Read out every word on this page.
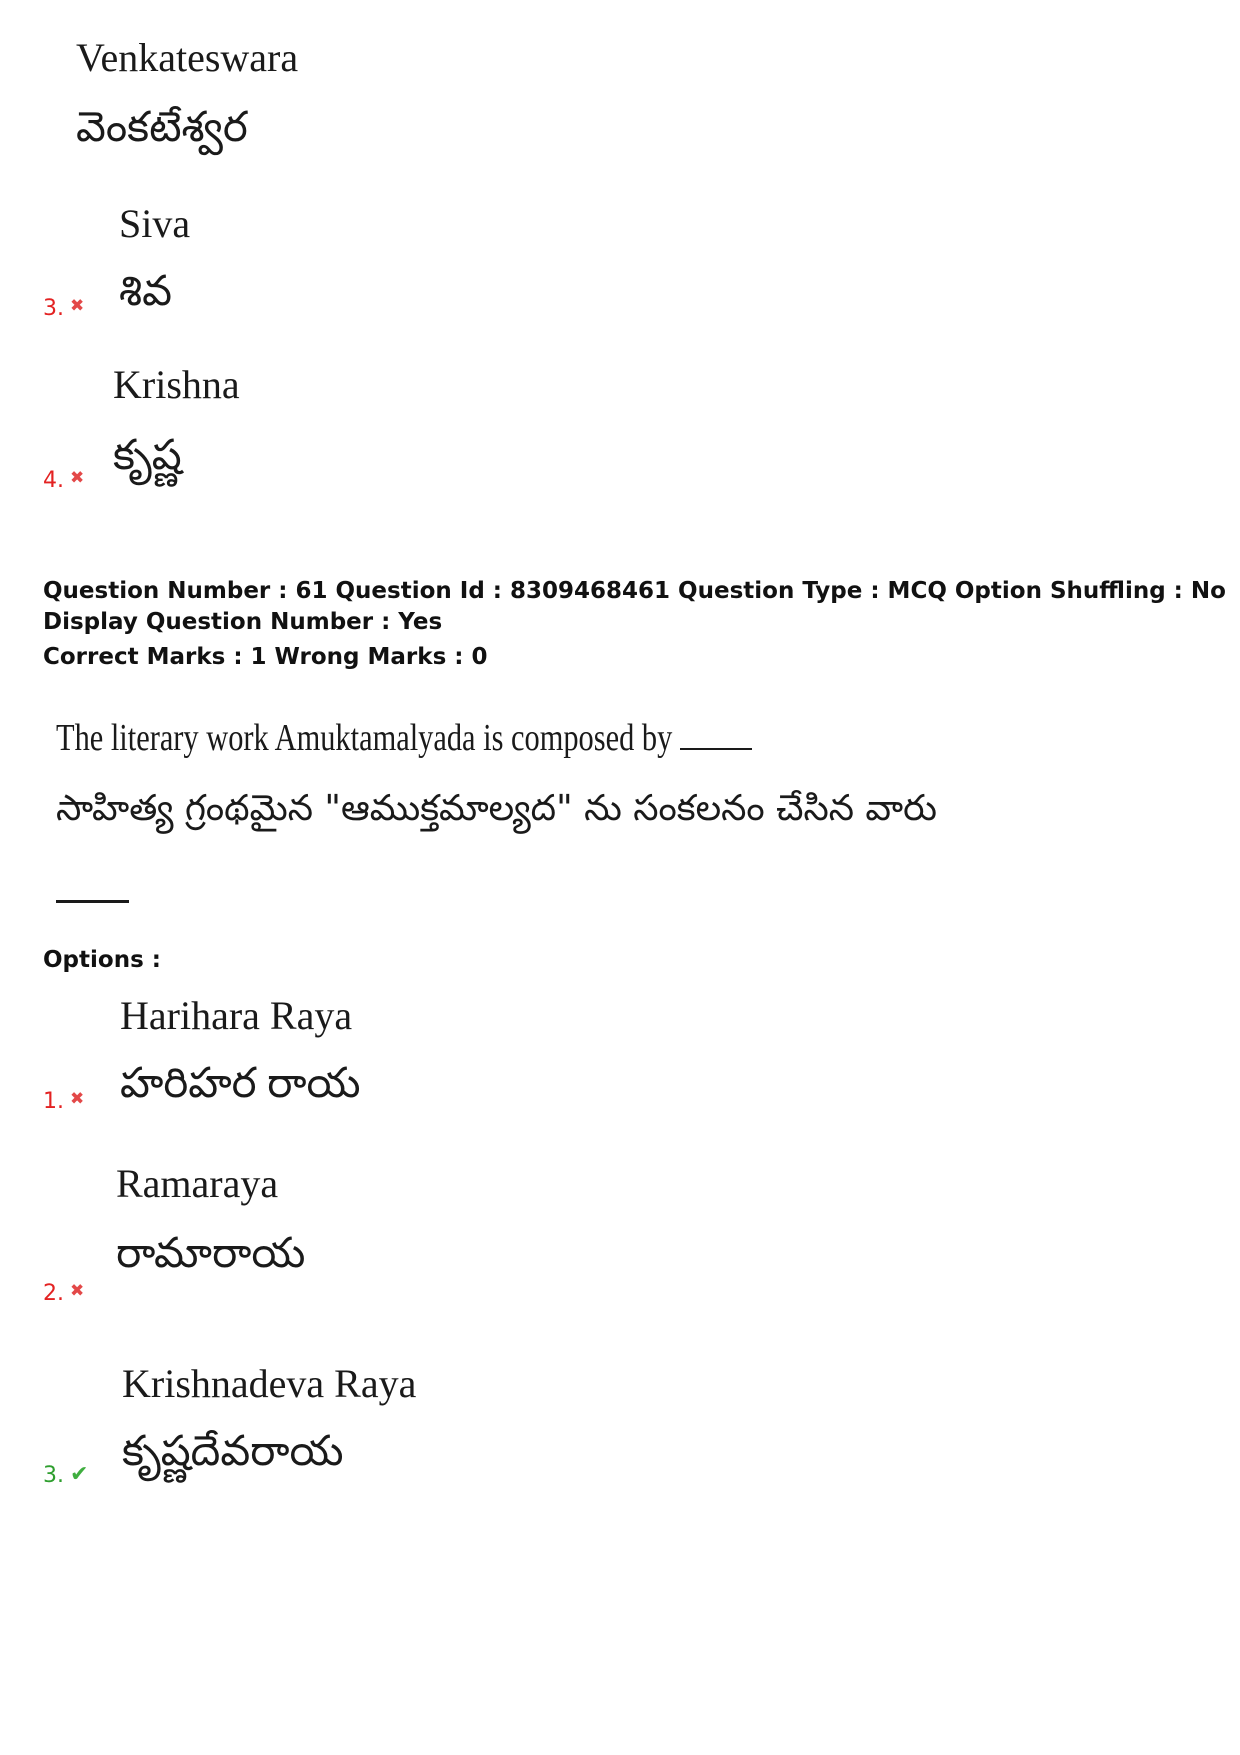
Venkateswara
వెంకటేశ్వర
Siva
శివ
3. ✖
Krishna
కృష్ణ
4. ✖
Question Number : 61 Question Id : 8309468461 Question Type : MCQ Option Shuffling : No
Display Question Number : Yes
Correct Marks : 1 Wrong Marks : 0
The literary work Amuktamalyada is composed by
సాహిత్య గ్రంథమైన "ఆముక్తమాల్యద" ను సంకలనం చేసిన వారు
Options :
Harihara Raya
హరిహర రాయ
1. ✖
Ramaraya
రామారాయ
2. ✖
Krishnadeva Raya
కృష్ణదేవరాయ
3. ✔
